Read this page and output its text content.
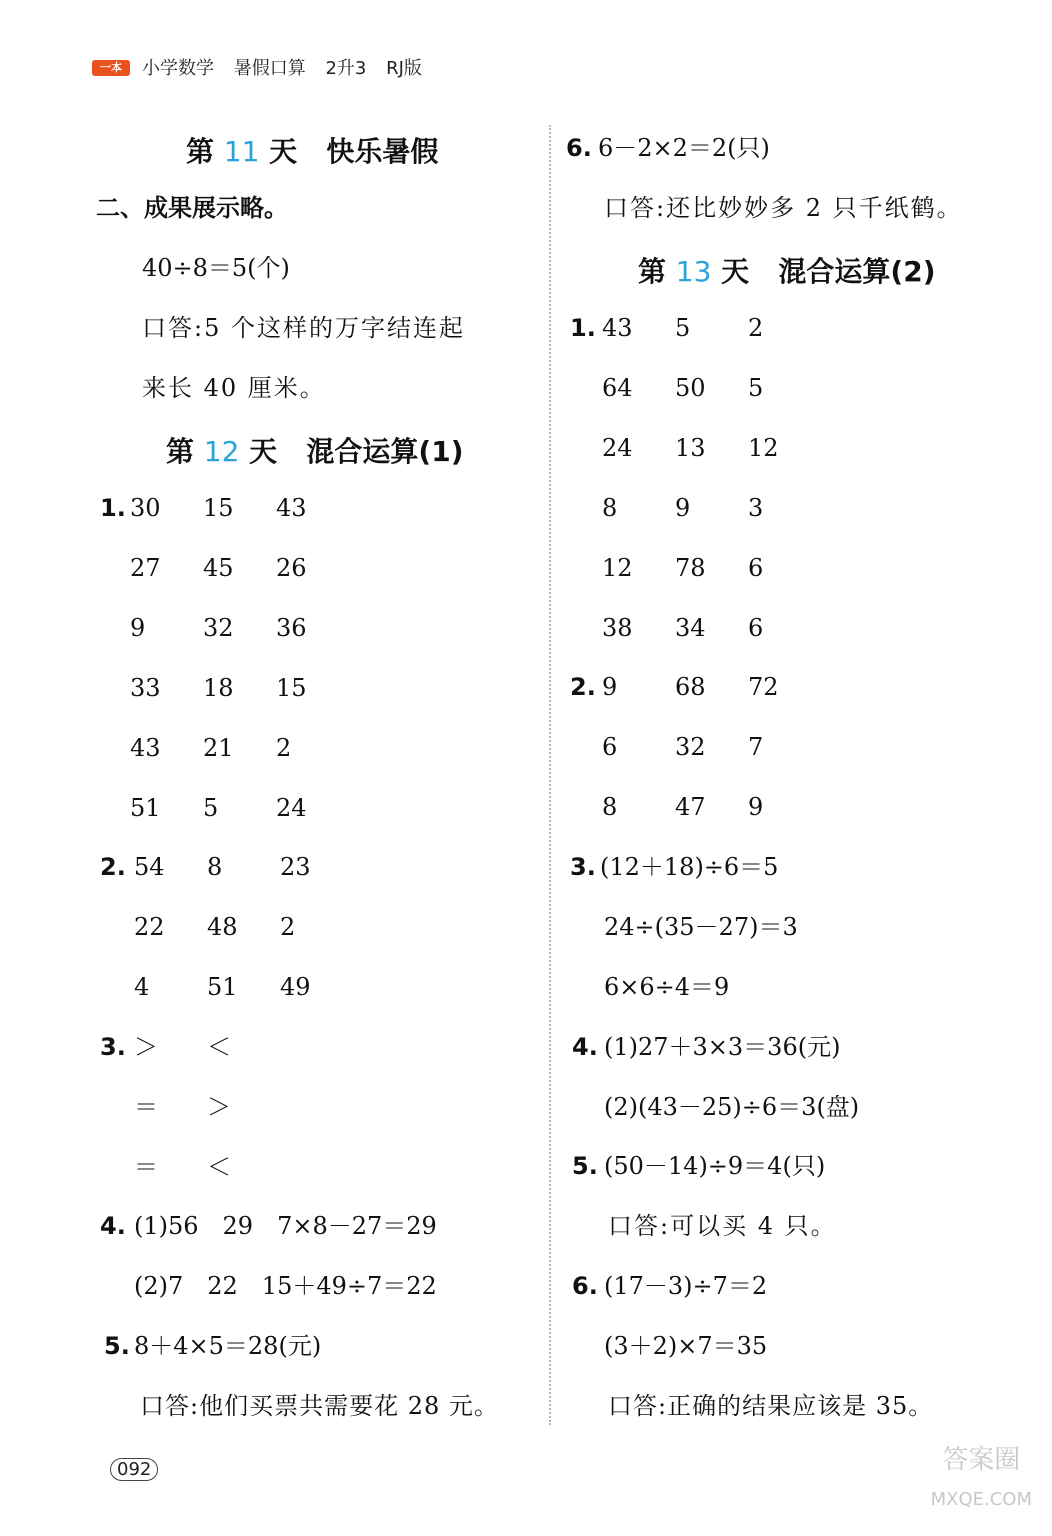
一本	小学数学 暑假口算 2升3 RJ版
第 11 天 快乐暑假
二、成果展示略。
40÷8＝5(个)
口答:5 个这样的万字结连起
来长 40 厘米。
第 12 天 混合运算(1)
1. 30 15 43
27 45 26
9 32 36
33 18 15
43 21 2
51 5 24
2. 54 8 23
22 48 2
4 51 49
3. ＞ ＜
＝ ＞
＝ ＜
4. (1)56　29　7×8－27＝29
(2)7　22　15＋49÷7＝22
5. 8＋4×5＝28(元)
口答:他们买票共需要花 28 元。
6. 6－2×2＝2(只)
口答:还比妙妙多 2 只千纸鹤。
第 13 天 混合运算(2)
1. 43 5 2
64 50 5
24 13 12
8 9 3
12 78 6
38 34 6
2. 9 68 72
6 32 7
8 47 9
3. (12＋18)÷6＝5
24÷(35－27)＝3
6×6÷4＝9
4. (1)27＋3×3＝36(元)
(2)(43－25)÷6＝3(盘)
5. (50－14)÷9＝4(只)
口答:可以买 4 只。
6. (17－3)÷7＝2
(3＋2)×7＝35
口答:正确的结果应该是 35。
092	答案圈
MXQE.COM
